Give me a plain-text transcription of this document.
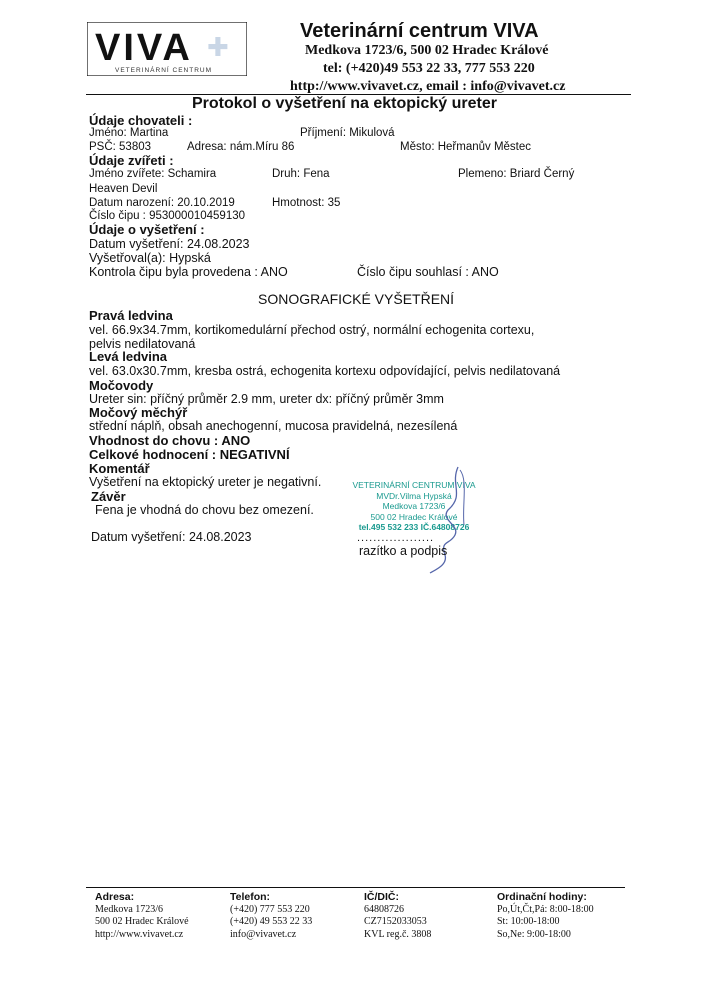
VIVA ✚
VETERINÁRNÍ CENTRUM
Veterinární centrum VIVA
Medkova 1723/6, 500 02 Hradec Králové
tel: (+420)49 553 22 33, 777 553 220
http://www.vivavet.cz, email : info@vivavet.cz
Protokol o vyšetření na ektopický ureter
Údaje chovateli :
Jméno: Martina	Příjmení: Mikulová
PSČ: 53803	Adresa: nám.Míru 86	Město: Heřmanův Městec
Údaje zvířeti :
Jméno zvířete: Schamira	Druh: Fena	Plemeno: Briard Černý
Heaven Devil
Datum narození: 20.10.2019	Hmotnost: 35
Číslo čipu : 953000010459130
Údaje o vyšetření :
Datum vyšetření: 24.08.2023
Vyšetřoval(a): Hypská
Kontrola čipu byla provedena : ANO	Číslo čipu souhlasí : ANO
SONOGRAFICKÉ VYŠETŘENÍ
Pravá ledvina
vel. 66.9x34.7mm, kortikomedulární přechod ostrý, normální echogenita cortexu,
pelvis nedilatovaná
Levá ledvina
vel. 63.0x30.7mm, kresba ostrá, echogenita kortexu odpovídající, pelvis nedilatovaná
Močovody
Ureter sin: příčný průměr 2.9 mm, ureter dx: příčný průměr 3mm
Močový měchýř
střední náplň, obsah anechogenní, mucosa pravidelná, nezesílená
Vhodnost do chovu : ANO
Celkové hodnocení : NEGATIVNÍ
Komentář
Vyšetření na ektopický ureter je negativní.
Závěr
Fena je vhodná do chovu bez omezení.
Datum vyšetření: 24.08.2023
VETERINÁRNÍ CENTRUM VIVA
MVDr.Vilma Hypská
Medkova 1723/6
500 02 Hradec Králové
tel.495 532 233 IČ.64808726
...................
razítko a podpis
Adresa:
Medkova 1723/6
500 02 Hradec Králové
http://www.vivavet.cz
Telefon:
(+420) 777 553 220
(+420) 49 553 22 33
info@vivavet.cz
IČ/DIČ:
64808726
CZ7152033053
KVL reg.č. 3808
Ordinační hodiny:
Po,Út,Čt,Pá: 8:00-18:00
St: 10:00-18:00
So,Ne: 9:00-18:00
